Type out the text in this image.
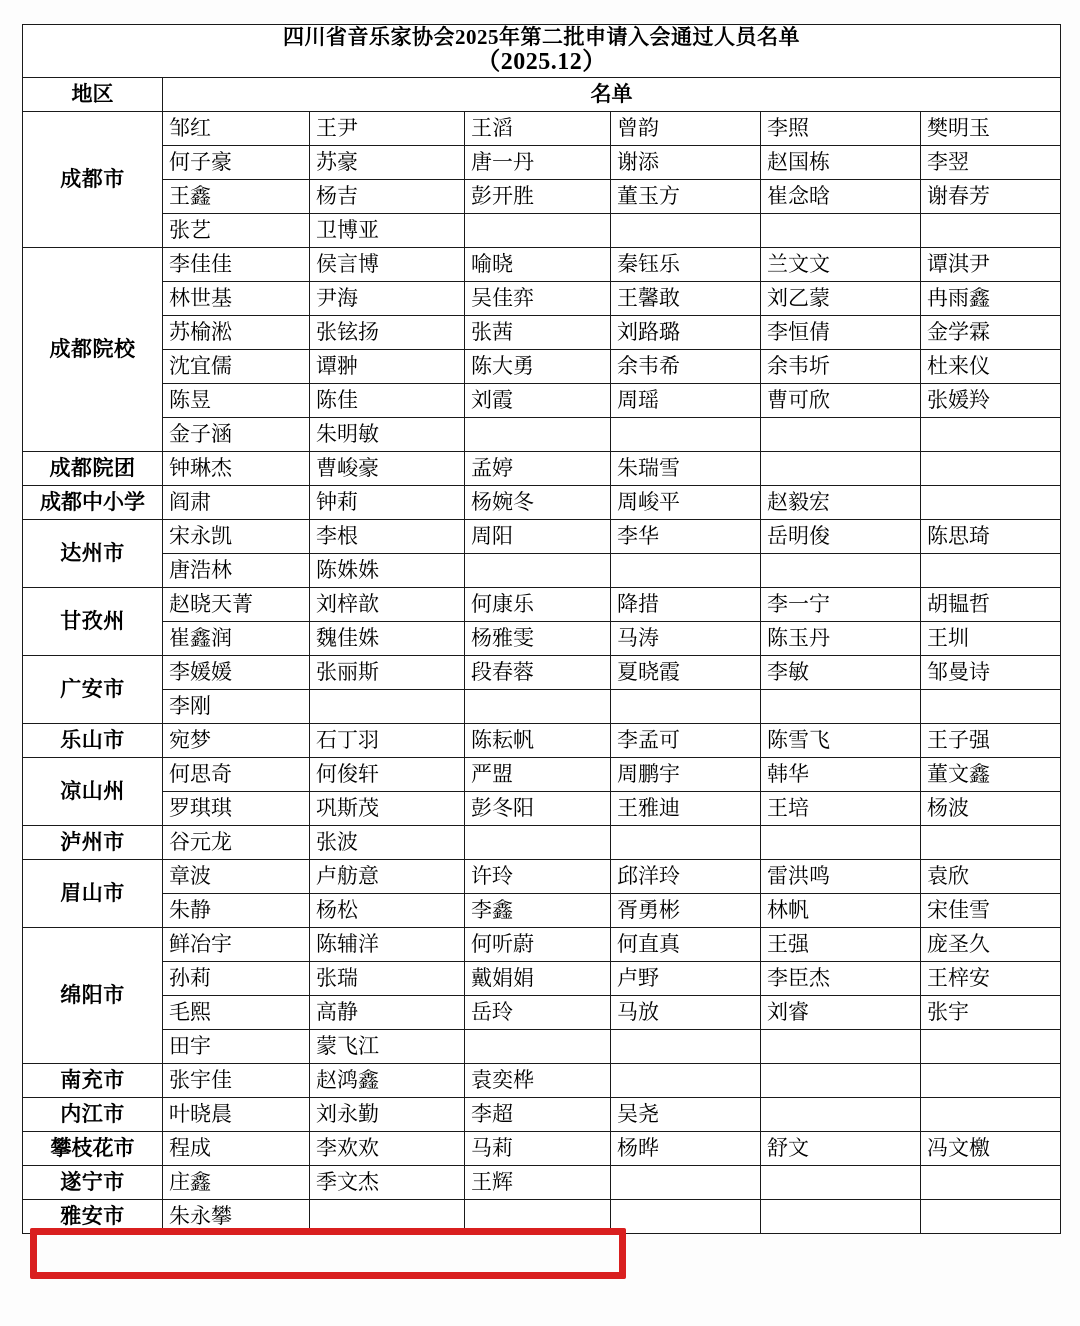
四川省音乐家协会2025年第二批申请入会通过人员名单
（2025.12）						

地区	名单					
成都市	邹红	王尹	王滔	曾韵	李照	樊明玉
	何子豪	苏豪	唐一丹	谢添	赵国栋	李翌
	王鑫	杨吉	彭开胜	董玉方	崔念晗	谢春芳
	张艺	卫博亚				
成都院校	李佳佳	侯言博	喻晓	秦钰乐	兰文文	谭淇尹
	林世基	尹海	吴佳弈	王馨敢	刘乙蒙	冉雨鑫
	苏榆淞	张铉扬	张茜	刘路璐	李恒倩	金学霖
	沈宜儒	谭翀	陈大勇	余韦希	余韦圻	杜来仪
	陈昱	陈佳	刘霞	周瑶	曹可欣	张媛羚
	金子涵	朱明敏				
成都院团	钟琳杰	曹峻豪	孟婷	朱瑞雪		
成都中小学	阎肃	钟莉	杨婉冬	周峻平	赵毅宏	
达州市	宋永凯	李根	周阳	李华	岳明俊	陈思琦
	唐浩林	陈姝姝				
甘孜州	赵晓天菁	刘梓歆	何康乐	降措	李一宁	胡韫哲
	崔鑫润	魏佳姝	杨雅雯	马涛	陈玉丹	王圳
广安市	李媛媛	张丽斯	段春蓉	夏晓霞	李敏	邹曼诗
	李刚					
乐山市	宛梦	石丁羽	陈耘帆	李孟可	陈雪飞	王子强
凉山州	何思奇	何俊轩	严盟	周鹏宇	韩华	董文鑫
	罗琪琪	巩斯茂	彭冬阳	王雅迪	王培	杨波
泸州市	谷元龙	张波				
眉山市	章波	卢舫意	许玲	邱洋玲	雷洪鸣	袁欣
	朱静	杨松	李鑫	胥勇彬	林帆	宋佳雪
绵阳市	鲜冶宇	陈辅洋	何听蔚	何直真	王强	庞圣久
	孙莉	张瑞	戴娟娟	卢野	李臣杰	王梓安
	毛熙	高静	岳玲	马放	刘睿	张宇
	田宇	蒙飞江				
南充市	张宇佳	赵鸿鑫	袁奕桦			
内江市	叶晓晨	刘永勤	李超	吴尧		
攀枝花市	程成	李欢欢	马莉	杨晔	舒文	冯文檄
遂宁市	庄鑫	季文杰	王辉			
雅安市	朱永攀					
